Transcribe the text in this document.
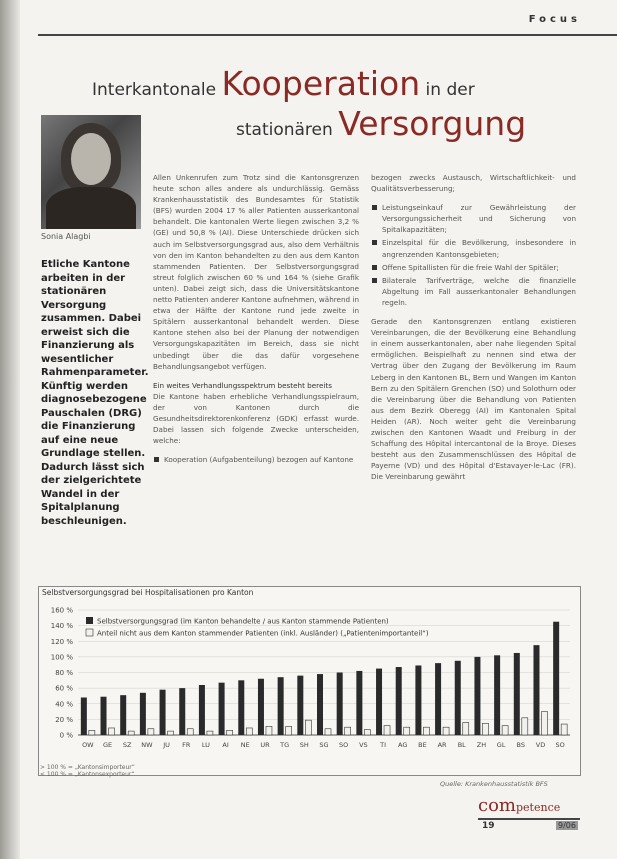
Focus
Interkantonale Kooperation in der
stationären Versorgung
Sonia Alagbi
Etliche Kantone arbeiten in der stationären Versorgung zusammen. Dabei erweist sich die Finanzierung als wesentlicher Rahmenparameter. Künftig werden diagnosebezogene Pauschalen (DRG) die Finanzierung auf eine neue Grundlage stellen. Dadurch lässt sich der zielgerichtete Wandel in der Spitalplanung beschleunigen.

Allen Unkenrufen zum Trotz sind die Kantonsgrenzen heute schon alles andere als undurchlässig. Gemäss Krankenhausstatistik des Bundesamtes für Statistik (BFS) wurden 2004 17 % aller Patienten ausserkantonal behandelt. Die kantonalen Werte liegen zwischen 3,2 % (GE) und 50,8 % (AI). Diese Unterschiede drücken sich auch im Selbstversorgungsgrad aus, also dem Verhältnis von den im Kanton behandelten zu den aus dem Kanton stammenden Patienten. Der Selbstversorgungsgrad streut folglich zwischen 60 % und 164 % (siehe Grafik unten). Dabei zeigt sich, dass die Universitätskantone netto Patienten anderer Kantone aufnehmen, während in etwa der Hälfte der Kantone rund jede zweite in Spitälern ausserkantonal behandelt werden. Diese Kantone stehen also bei der Planung der notwendigen Versorgungskapazitäten im Bereich, dass sie nicht unbedingt über die das dafür vorgesehene Behandlungsangebot verfügen.

Ein weites Verhandlungsspektrum besteht bereits

Die Kantone haben erhebliche Verhandlungsspielraum, der von Kantonen durch die Gesundheitsdirektorenkonferenz (GDK) erfasst wurde. Dabei lassen sich folgende Zwecke unterscheiden, welche:

Kooperation (Aufgabenteilung) bezogen auf Kantone

bezogen zwecks Austausch, Wirtschaftlichkeit- und Qualitätsverbesserung;

Leistungseinkauf zur Gewährleistung der Versorgungssicherheit und Sicherung von Spitalkapazitäten;
Einzelspital für die Bevölkerung, insbesondere in angrenzenden Kantonsgebieten;
Offene Spitallisten für die freie Wahl der Spitäler;
Bilaterale Tarifverträge, welche die finanzielle Abgeltung im Fall ausserkantonaler Behandlungen regeln.

Gerade den Kantonsgrenzen entlang existieren Vereinbarungen, die der Bevölkerung eine Behandlung in einem ausserkantonalen, aber nahe liegenden Spital ermöglichen. Beispielhaft zu nennen sind etwa der Vertrag über den Zugang der Bevölkerung im Raum Leberg in den Kantonen BL, Bern und Wangen im Kanton Bern zu den Spitälern Grenchen (SO) und Solothurn oder die Vereinbarung über die Behandlung von Patienten aus dem Bezirk Oberegg (AI) im Kantonalen Spital Heiden (AR). Noch weiter geht die Vereinbarung zwischen den Kantonen Waadt und Freiburg in der Schaffung des Hôpital intercantonal de la Broye. Dieses besteht aus den Zusammenschlüssen des Hôpital de Payerne (VD) und des Hôpital d'Estavayer-le-Lac (FR). Die Vereinbarung gewährt

Selbstversorgungsgrad bei Hospitalisationen pro Kanton
0 %
20 %
40 %
60 %
80 %
100 %
120 %
140 %
160 %
OW GE SZ NW JU FR LU AI NE UR TG SH SG SO VS TI AG BE AR BL ZH GL BS VD SO
Selbstversorgungsgrad (im Kanton behandelte / aus Kanton stammende Patienten)
Anteil nicht aus dem Kanton stammender Patienten (inkl. Ausländer) („Patientenimportanteil“)
> 100 % = „Kantonsimporteur“
< 100 % = „Kantonsexporteur“
Quelle: Krankenhausstatistik BFS
competence
19	9/06
